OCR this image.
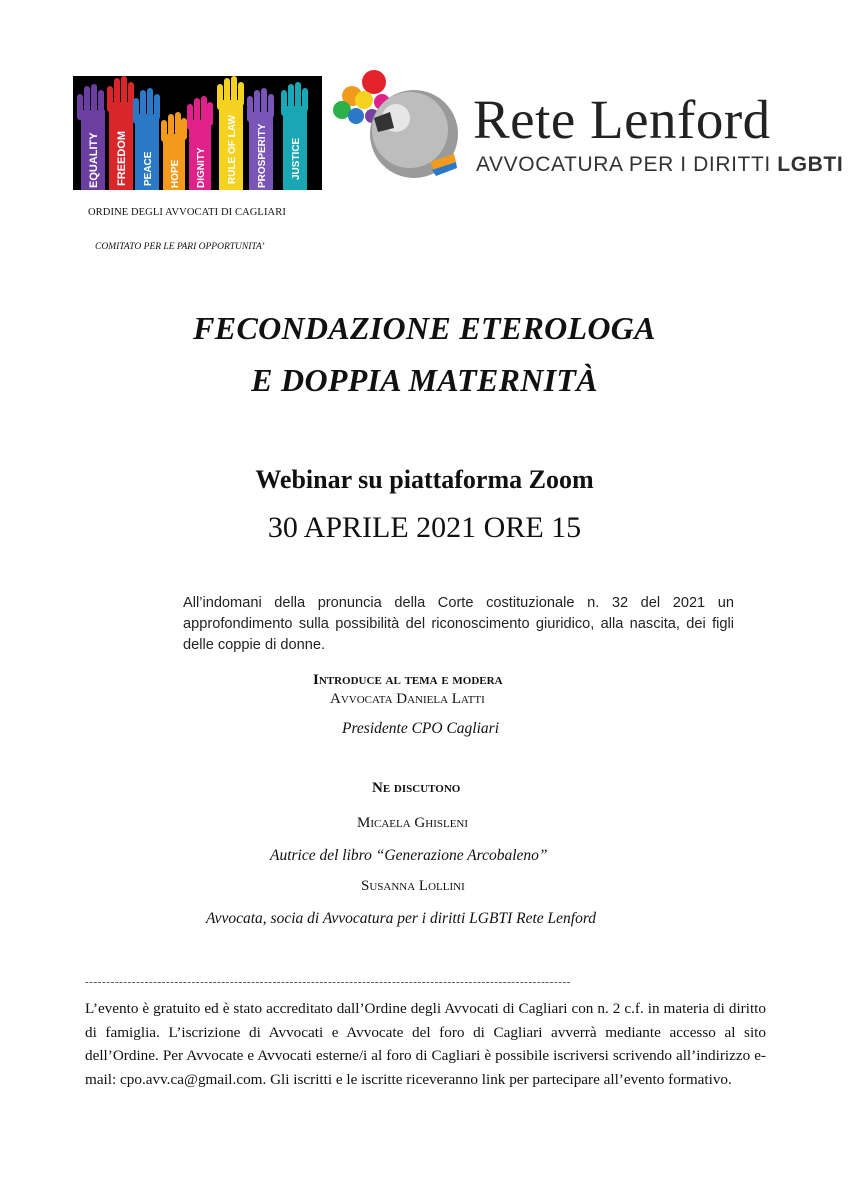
EQUALITY FREEDOM PEACE HOPE DIGNITY RULE OF LAW PROSPERITY JUSTICE
ORDINE DEGLI AVVOCATI DI CAGLIARI
COMITATO PER LE PARI OPPORTUNITA’
Rete Lenford
AVVOCATURA PER I DIRITTI LGBTI
FECONDAZIONE ETEROLOGA
E DOPPIA MATERNITÀ
Webinar su piattaforma Zoom
30 APRILE 2021 ORE 15
All’indomani della pronuncia della Corte costituzionale n. 32 del 2021 un approfondimento sulla possibilità del riconoscimento giuridico, alla nascita, dei figli delle coppie di donne.
Introduce al tema e modera
Avvocata Daniela Latti
Presidente CPO Cagliari
Ne discutono
Micaela Ghisleni
Autrice del libro “Generazione Arcobaleno”
Susanna Lollini
Avvocata, socia di Avvocatura per i diritti LGBTI Rete Lenford
------------------------------------------------------------------------------------------------------------------
L’evento è gratuito ed è stato accreditato dall’Ordine degli Avvocati di Cagliari con n. 2 c.f. in materia di diritto di famiglia. L’iscrizione di Avvocati e Avvocate del foro di Cagliari avverrà mediante accesso al sito dell’Ordine. Per Avvocate e Avvocati esterne/i al foro di Cagliari è possibile iscriversi scrivendo all’indirizzo e-mail: cpo.avv.ca@gmail.com. Gli iscritti e le iscritte riceveranno link per partecipare all’evento formativo.
